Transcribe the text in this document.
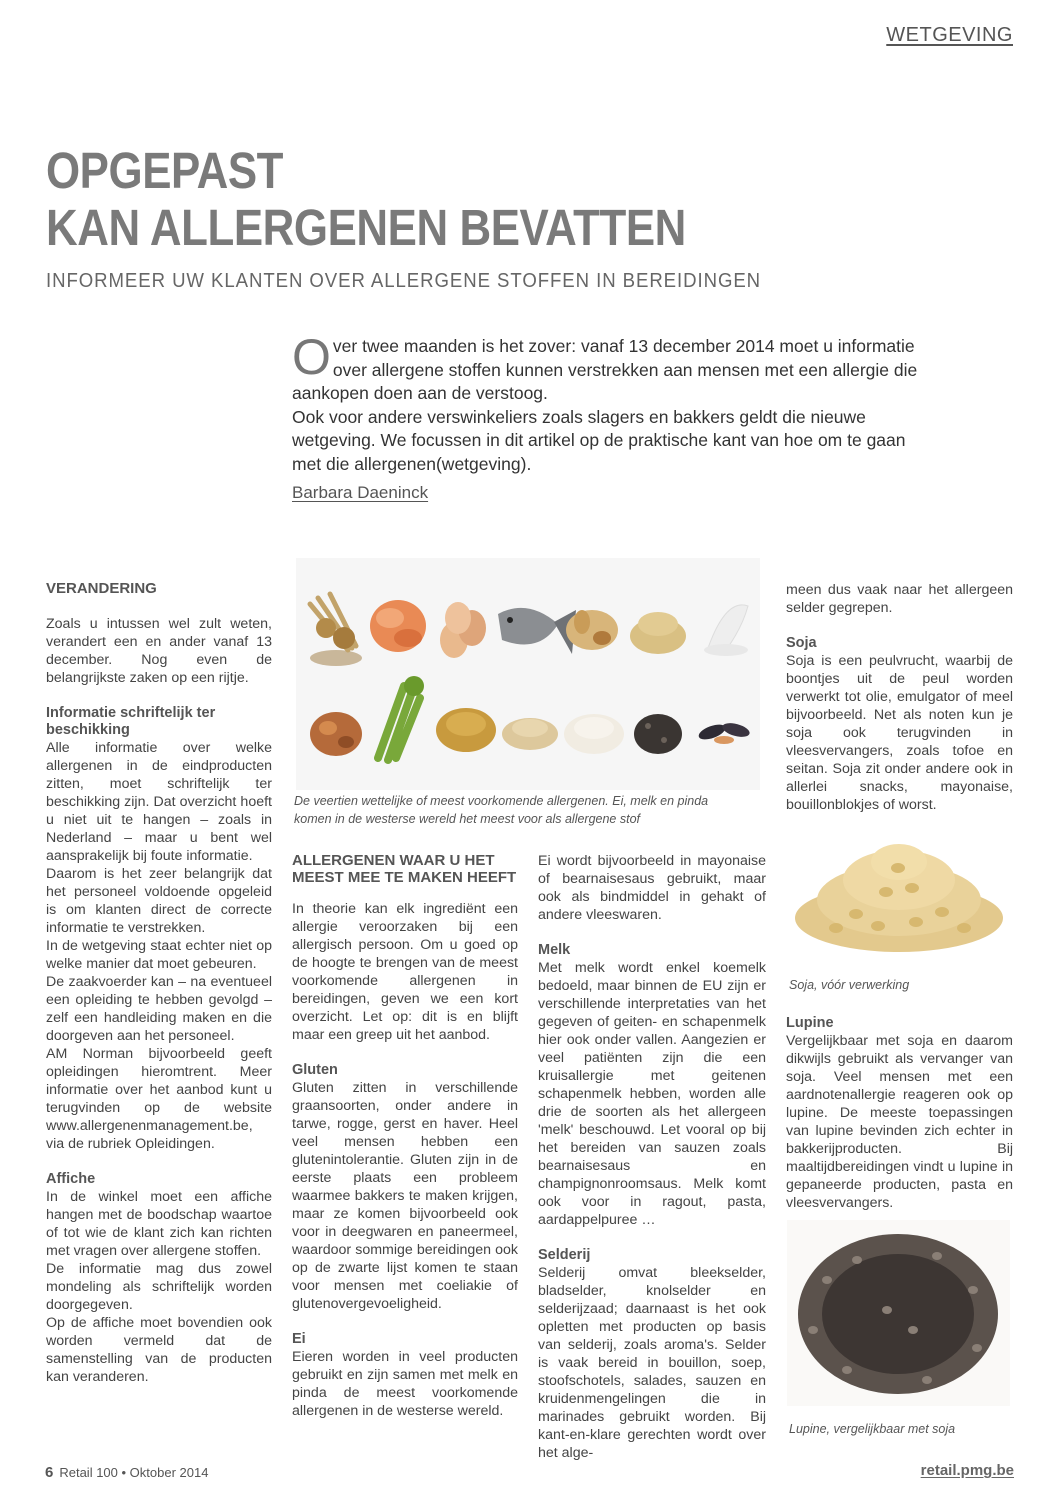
WETGEVING
OPGEPAST
KAN ALLERGENEN BEVATTEN
INFORMEER UW KLANTEN OVER ALLERGENE STOFFEN IN BEREIDINGEN

Over twee maanden is het zover: vanaf 13 december 2014 moet u informatie over allergene stoffen kunnen verstrekken aan mensen met een allergie die aankopen doen aan de verstoog.

Ook voor andere verswinkeliers zoals slagers en bakkers geldt die nieuwe wetgeving. We focussen in dit artikel op de praktische kant van hoe om te gaan met die allergenen(wetgeving).

Barbara Daeninck
VERANDERING

Zoals u intussen wel zult weten, verandert een en ander vanaf 13 december. Nog even de belangrijkste zaken op een rijtje.

Informatie schriftelijk ter beschikking

Alle informatie over welke allergenen in de eindproducten zitten, moet schriftelijk ter beschikking zijn. Dat overzicht hoeft u niet uit te hangen – zoals in Nederland – maar u bent wel aansprakelijk bij foute informatie.

Daarom is het zeer belangrijk dat het personeel voldoende opgeleid is om klanten direct de correcte informatie te verstrekken.

In de wetgeving staat echter niet op welke manier dat moet gebeuren.

De zaakvoerder kan – na eventueel een opleiding te hebben gevolgd – zelf een handleiding maken en die doorgeven aan het personeel.

AM Norman bijvoorbeeld geeft opleidingen hieromtrent. Meer informatie over het aanbod kunt u terugvinden op de website www.allergenenmanagement.be, via de rubriek Opleidingen.

Affiche

In de winkel moet een affiche hangen met de boodschap waartoe of tot wie de klant zich kan richten met vragen over allergene stoffen.

De informatie mag dus zowel mondeling als schriftelijk worden doorgegeven.

Op de affiche moet bovendien ook worden vermeld dat de samenstelling van de producten kan veranderen.

De veertien wettelijke of meest voorkomende allergenen. Ei, melk en pinda komen in de westerse wereld het meest voor als allergene stof
ALLERGENEN WAAR U HET MEEST MEE TE MAKEN HEEFT

In theorie kan elk ingrediënt een allergie veroorzaken bij een allergisch persoon. Om u goed op de hoogte te brengen van de meest voorkomende allergenen in bereidingen, geven we een kort overzicht. Let op: dit is en blijft maar een greep uit het aanbod.

Gluten

Gluten zitten in verschillende graansoorten, onder andere in tarwe, rogge, gerst en haver. Heel veel mensen hebben een glutenintolerantie. Gluten zijn in de eerste plaats een probleem waarmee bakkers te maken krijgen, maar ze komen bijvoorbeeld ook voor in deegwaren en paneermeel, waardoor sommige bereidingen ook op de zwarte lijst komen te staan voor mensen met coeliakie of glutenovergevoeligheid.

Ei

Eieren worden in veel producten gebruikt en zijn samen met melk en pinda de meest voorkomende allergenen in de westerse wereld.

Ei wordt bijvoorbeeld in mayonaise of bearnaisesaus gebruikt, maar ook als bindmiddel in gehakt of andere vleeswaren.

Melk

Met melk wordt enkel koemelk bedoeld, maar binnen de EU zijn er verschillende interpretaties van het gegeven of geiten- en schapenmelk hier ook onder vallen. Aangezien er veel patiënten zijn die een kruisallergie met geitenen schapenmelk hebben, worden alle drie de soorten als het allergeen 'melk' beschouwd. Let vooral op bij het bereiden van sauzen zoals bearnaisesaus en champignonroomsaus. Melk komt ook voor in ragout, pasta, aardappelpuree …

Selderij

Selderij omvat bleekselder, bladselder, knolselder en selderijzaad; daarnaast is het ook opletten met producten op basis van selderij, zoals aroma's. Selder is vaak bereid in bouillon, soep, stoofschotels, salades, sauzen en kruidenmengelingen die in marinades gebruikt worden. Bij kant-en-klare gerechten wordt over het alge-

meen dus vaak naar het allergeen selder gegrepen.

Soja

Soja is een peulvrucht, waarbij de boontjes uit de peul worden verwerkt tot olie, emulgator of meel bijvoorbeeld. Net als noten kun je soja ook terugvinden in vleesvervangers, zoals tofoe en seitan. Soja zit onder andere ook in allerlei snacks, mayonaise, bouillonblokjes of worst.

Soja, vóór verwerking
Lupine

Vergelijkbaar met soja en daarom dikwijls gebruikt als vervanger van soja. Veel mensen met een aardnotenallergie reageren ook op lupine. De meeste toepassingen van lupine bevinden zich echter in bakkerijproducten. Bij maaltijdbereidingen vindt u lupine in gepaneerde producten, pasta en vleesvervangers.

Lupine, vergelijkbaar met soja
6 Retail 100 • Oktober 2014	retail.pmg.be
